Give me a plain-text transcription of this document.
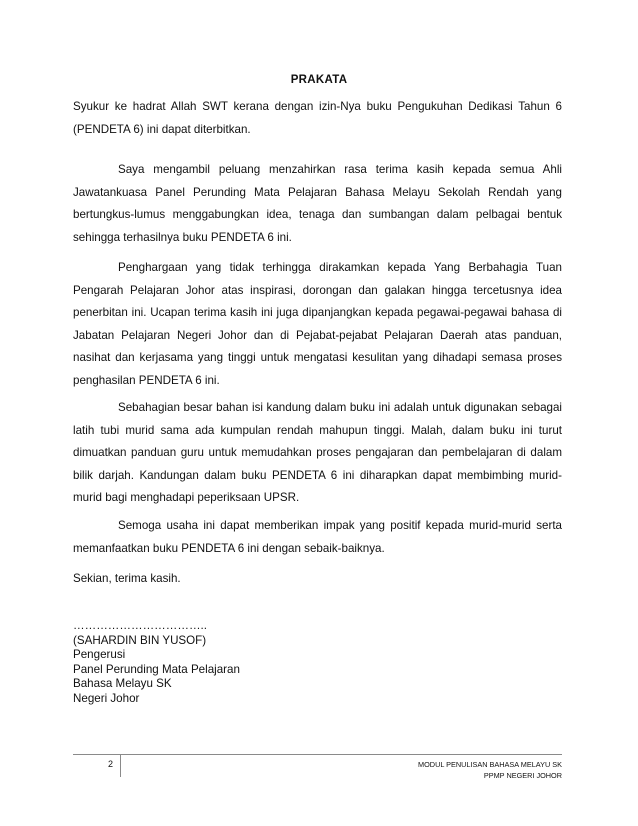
PRAKATA

Syukur ke hadrat Allah SWT kerana dengan izin-Nya buku Pengukuhan Dedikasi Tahun 6 (PENDETA 6) ini dapat diterbitkan.

Saya mengambil peluang menzahirkan rasa terima kasih kepada semua Ahli Jawatankuasa Panel Perunding Mata Pelajaran Bahasa Melayu Sekolah Rendah yang bertungkus-lumus menggabungkan idea, tenaga dan sumbangan dalam pelbagai bentuk sehingga terhasilnya buku PENDETA 6 ini.

Penghargaan yang tidak terhingga dirakamkan kepada Yang Berbahagia Tuan Pengarah Pelajaran Johor atas inspirasi, dorongan dan galakan hingga tercetusnya idea penerbitan ini. Ucapan terima kasih ini juga dipanjangkan kepada pegawai-pegawai bahasa di Jabatan Pelajaran Negeri Johor dan di Pejabat-pejabat Pelajaran Daerah atas panduan, nasihat dan kerjasama yang tinggi untuk mengatasi kesulitan yang dihadapi semasa proses penghasilan PENDETA 6 ini.

Sebahagian besar bahan isi kandung dalam buku ini adalah untuk digunakan sebagai latih tubi murid sama ada kumpulan rendah mahupun tinggi. Malah, dalam buku ini turut dimuatkan panduan guru untuk memudahkan proses pengajaran dan pembelajaran di dalam bilik darjah. Kandungan dalam buku PENDETA 6 ini diharapkan dapat membimbing murid-murid bagi menghadapi peperiksaan UPSR.

Semoga usaha ini dapat memberikan impak yang positif kepada murid-murid serta memanfaatkan buku PENDETA 6 ini dengan sebaik-baiknya.

Sekian, terima kasih.
……………………………..
(SAHARDIN BIN YUSOF)
Pengerusi
Panel Perunding Mata Pelajaran
Bahasa Melayu SK
Negeri Johor
2	MODUL PENULISAN BAHASA MELAYU SK
PPMP NEGERI JOHOR
